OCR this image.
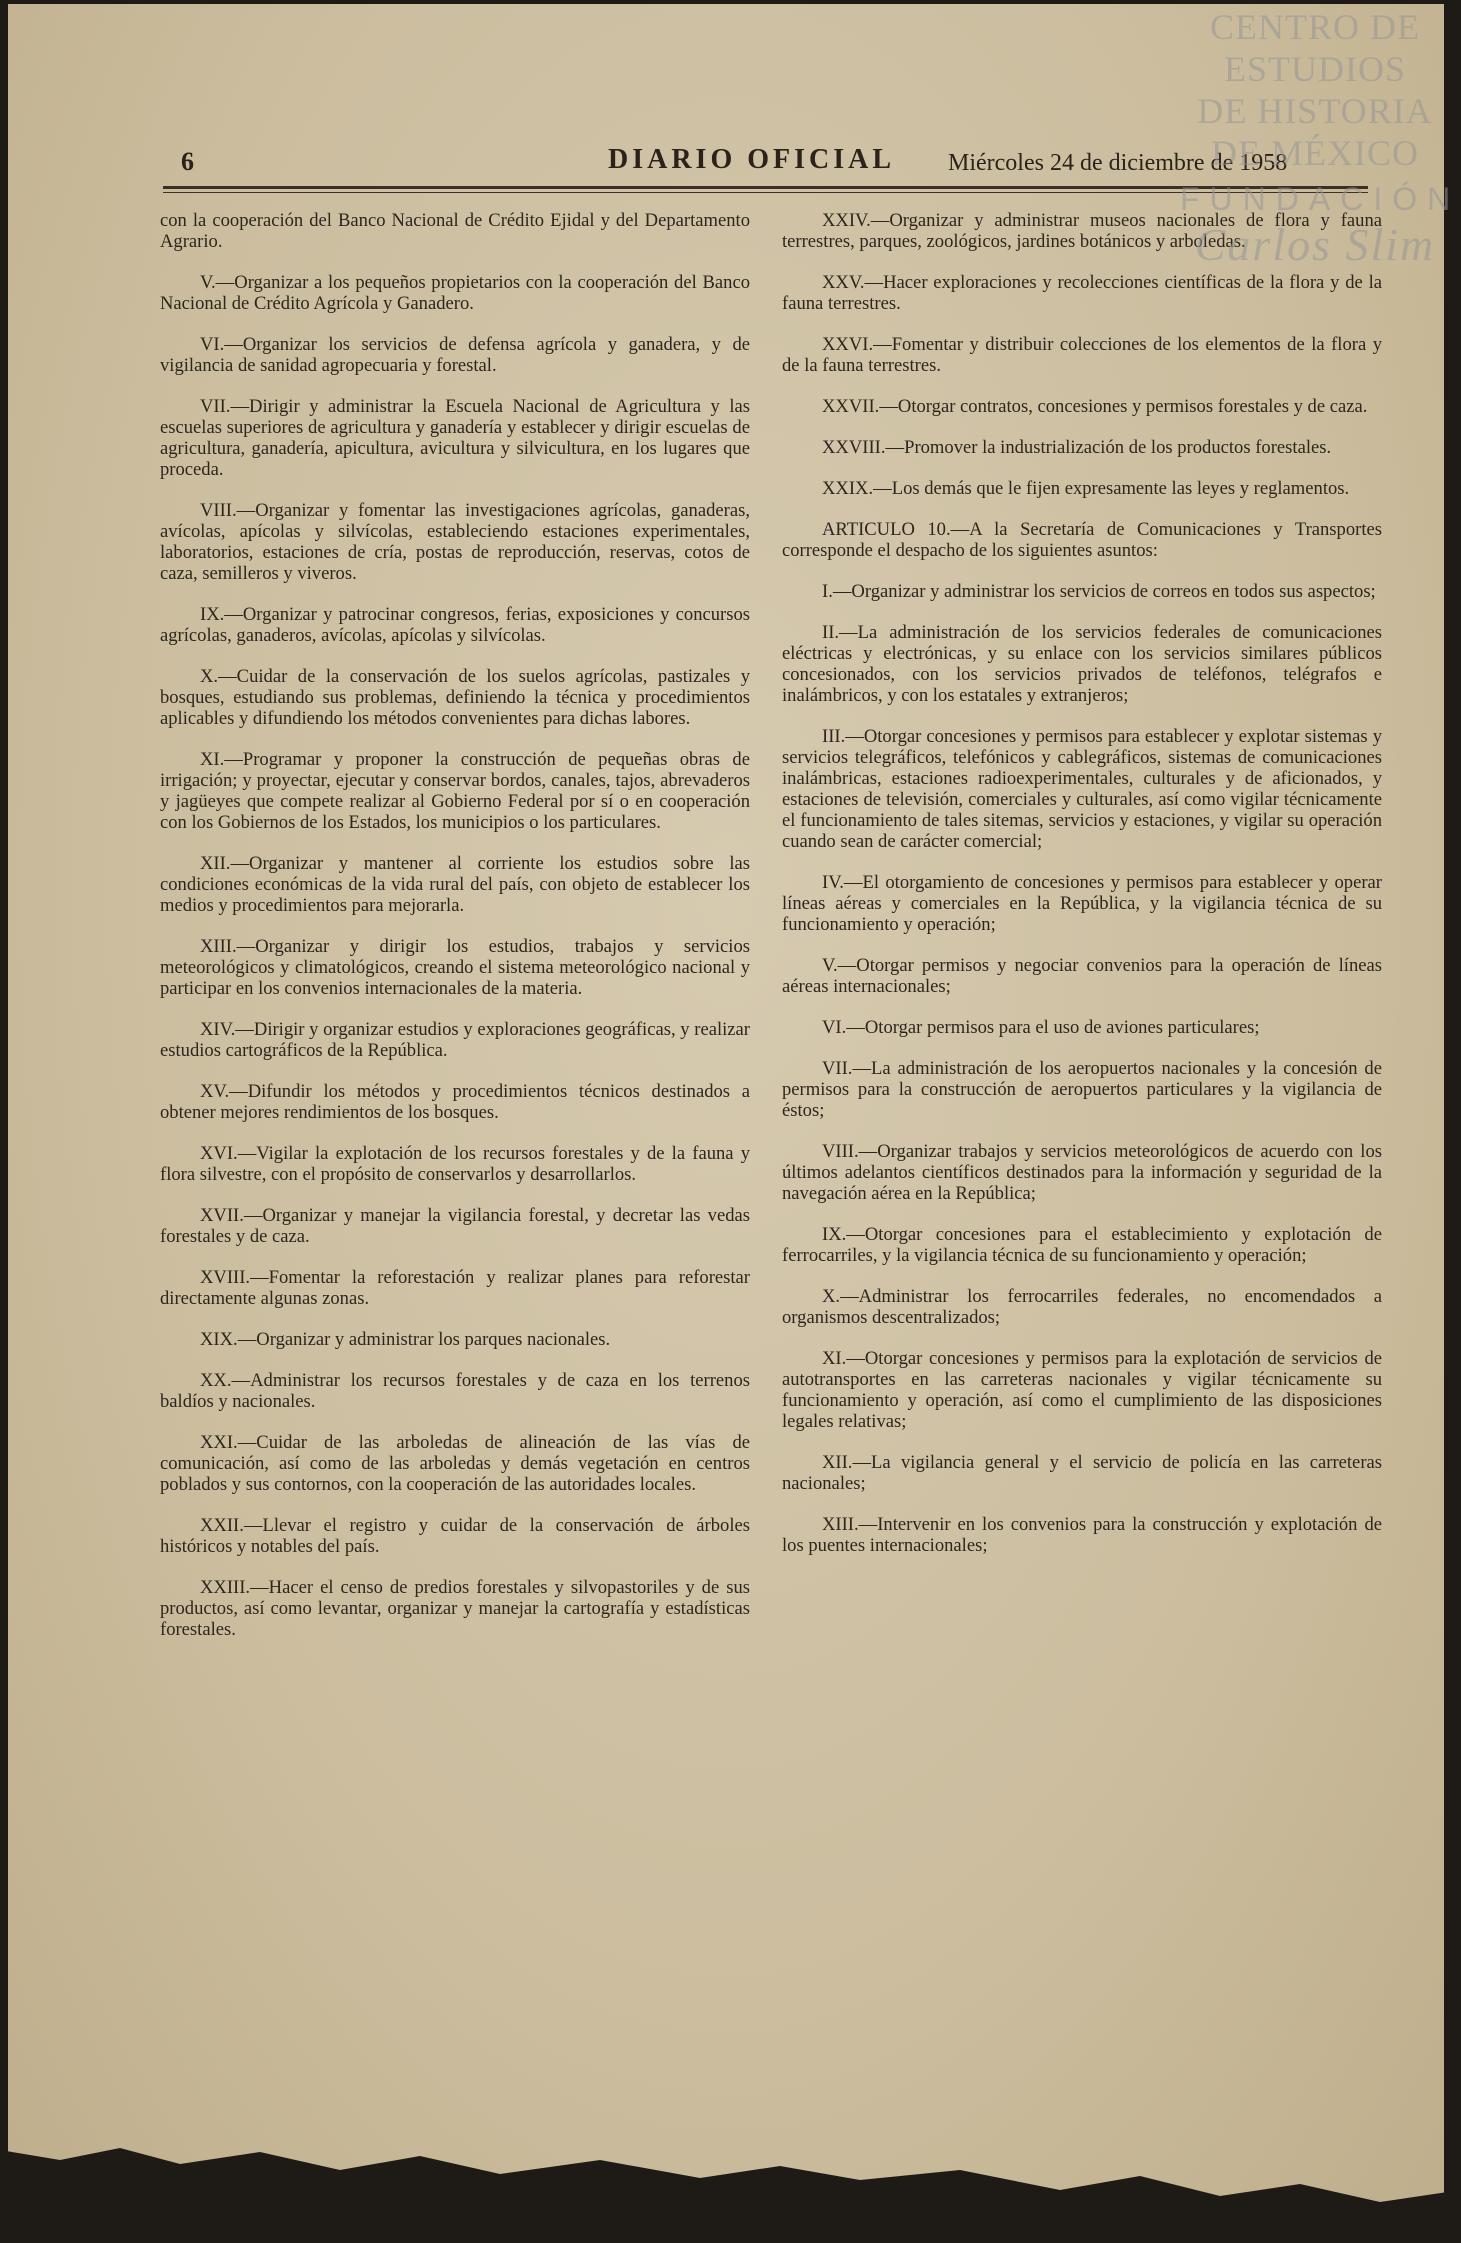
6	DIARIO OFICIAL Miércoles 24 de diciembre de 1958

con la cooperación del Banco Nacional de Crédito Ejidal y del Departamento Agrario.

V.—Organizar a los pequeños propietarios con la cooperación del Banco Nacional de Crédito Agrícola y Ganadero.

VI.—Organizar los servicios de defensa agrícola y ganadera, y de vigilancia de sanidad agropecuaria y forestal.

VII.—Dirigir y administrar la Escuela Nacional de Agricultura y las escuelas superiores de agricultura y ganadería y establecer y dirigir escuelas de agricultura, ganadería, apicultura, avicultura y silvicultura, en los lugares que proceda.

VIII.—Organizar y fomentar las investigaciones agrícolas, ganaderas, avícolas, apícolas y silvícolas, estableciendo estaciones experimentales, laboratorios, estaciones de cría, postas de reproducción, reservas, cotos de caza, semilleros y viveros.

IX.—Organizar y patrocinar congresos, ferias, exposiciones y concursos agrícolas, ganaderos, avícolas, apícolas y silvícolas.

X.—Cuidar de la conservación de los suelos agrícolas, pastizales y bosques, estudiando sus problemas, definiendo la técnica y procedimientos aplicables y difundiendo los métodos convenientes para dichas labores.

XI.—Programar y proponer la construcción de pequeñas obras de irrigación; y proyectar, ejecutar y conservar bordos, canales, tajos, abrevaderos y jagüeyes que compete realizar al Gobierno Federal por sí o en cooperación con los Gobiernos de los Estados, los municipios o los particulares.

XII.—Organizar y mantener al corriente los estudios sobre las condiciones económicas de la vida rural del país, con objeto de establecer los medios y procedimientos para mejorarla.

XIII.—Organizar y dirigir los estudios, trabajos y servicios meteorológicos y climatológicos, creando el sistema meteorológico nacional y participar en los convenios internacionales de la materia.

XIV.—Dirigir y organizar estudios y exploraciones geográficas, y realizar estudios cartográficos de la República.

XV.—Difundir los métodos y procedimientos técnicos destinados a obtener mejores rendimientos de los bosques.

XVI.—Vigilar la explotación de los recursos forestales y de la fauna y flora silvestre, con el propósito de conservarlos y desarrollarlos.

XVII.—Organizar y manejar la vigilancia forestal, y decretar las vedas forestales y de caza.

XVIII.—Fomentar la reforestación y realizar planes para reforestar directamente algunas zonas.

XIX.—Organizar y administrar los parques nacionales.

XX.—Administrar los recursos forestales y de caza en los terrenos baldíos y nacionales.

XXI.—Cuidar de las arboledas de alineación de las vías de comunicación, así como de las arboledas y demás vegetación en centros poblados y sus contornos, con la cooperación de las autoridades locales.

XXII.—Llevar el registro y cuidar de la conservación de árboles históricos y notables del país.

XXIII.—Hacer el censo de predios forestales y silvopastoriles y de sus productos, así como levantar, organizar y manejar la cartografía y estadísticas forestales.

XXIV.—Organizar y administrar museos nacionales de flora y fauna terrestres, parques, zoológicos, jardines botánicos y arboledas.

XXV.—Hacer exploraciones y recolecciones científicas de la flora y de la fauna terrestres.

XXVI.—Fomentar y distribuir colecciones de los elementos de la flora y de la fauna terrestres.

XXVII.—Otorgar contratos, concesiones y permisos forestales y de caza.

XXVIII.—Promover la industrialización de los productos forestales.

XXIX.—Los demás que le fijen expresamente las leyes y reglamentos.

ARTICULO 10.—A la Secretaría de Comunicaciones y Transportes corresponde el despacho de los siguientes asuntos:

I.—Organizar y administrar los servicios de correos en todos sus aspectos;

II.—La administración de los servicios federales de comunicaciones eléctricas y electrónicas, y su enlace con los servicios similares públicos concesionados, con los servicios privados de teléfonos, telégrafos e inalámbricos, y con los estatales y extranjeros;

III.—Otorgar concesiones y permisos para establecer y explotar sistemas y servicios telegráficos, telefónicos y cablegráficos, sistemas de comunicaciones inalámbricas, estaciones radioexperimentales, culturales y de aficionados, y estaciones de televisión, comerciales y culturales, así como vigilar técnicamente el funcionamiento de tales sitemas, servicios y estaciones, y vigilar su operación cuando sean de carácter comercial;

IV.—El otorgamiento de concesiones y permisos para establecer y operar líneas aéreas y comerciales en la República, y la vigilancia técnica de su funcionamiento y operación;

V.—Otorgar permisos y negociar convenios para la operación de líneas aéreas internacionales;

VI.—Otorgar permisos para el uso de aviones particulares;

VII.—La administración de los aeropuertos nacionales y la concesión de permisos para la construcción de aeropuertos particulares y la vigilancia de éstos;

VIII.—Organizar trabajos y servicios meteorológicos de acuerdo con los últimos adelantos científicos destinados para la información y seguridad de la navegación aérea en la República;

IX.—Otorgar concesiones para el establecimiento y explotación de ferrocarriles, y la vigilancia técnica de su funcionamiento y operación;

X.—Administrar los ferrocarriles federales, no encomendados a organismos descentralizados;

XI.—Otorgar concesiones y permisos para la explotación de servicios de autotransportes en las carreteras nacionales y vigilar técnicamente su funcionamiento y operación, así como el cumplimiento de las disposiciones legales relativas;

XII.—La vigilancia general y el servicio de policía en las carreteras nacionales;

XIII.—Intervenir en los convenios para la construcción y explotación de los puentes internacionales;

CENTRO DE
ESTUDIOS
DE HISTORIA
DE MÉXICO
FUNDACIÓN
Carlos Slim
